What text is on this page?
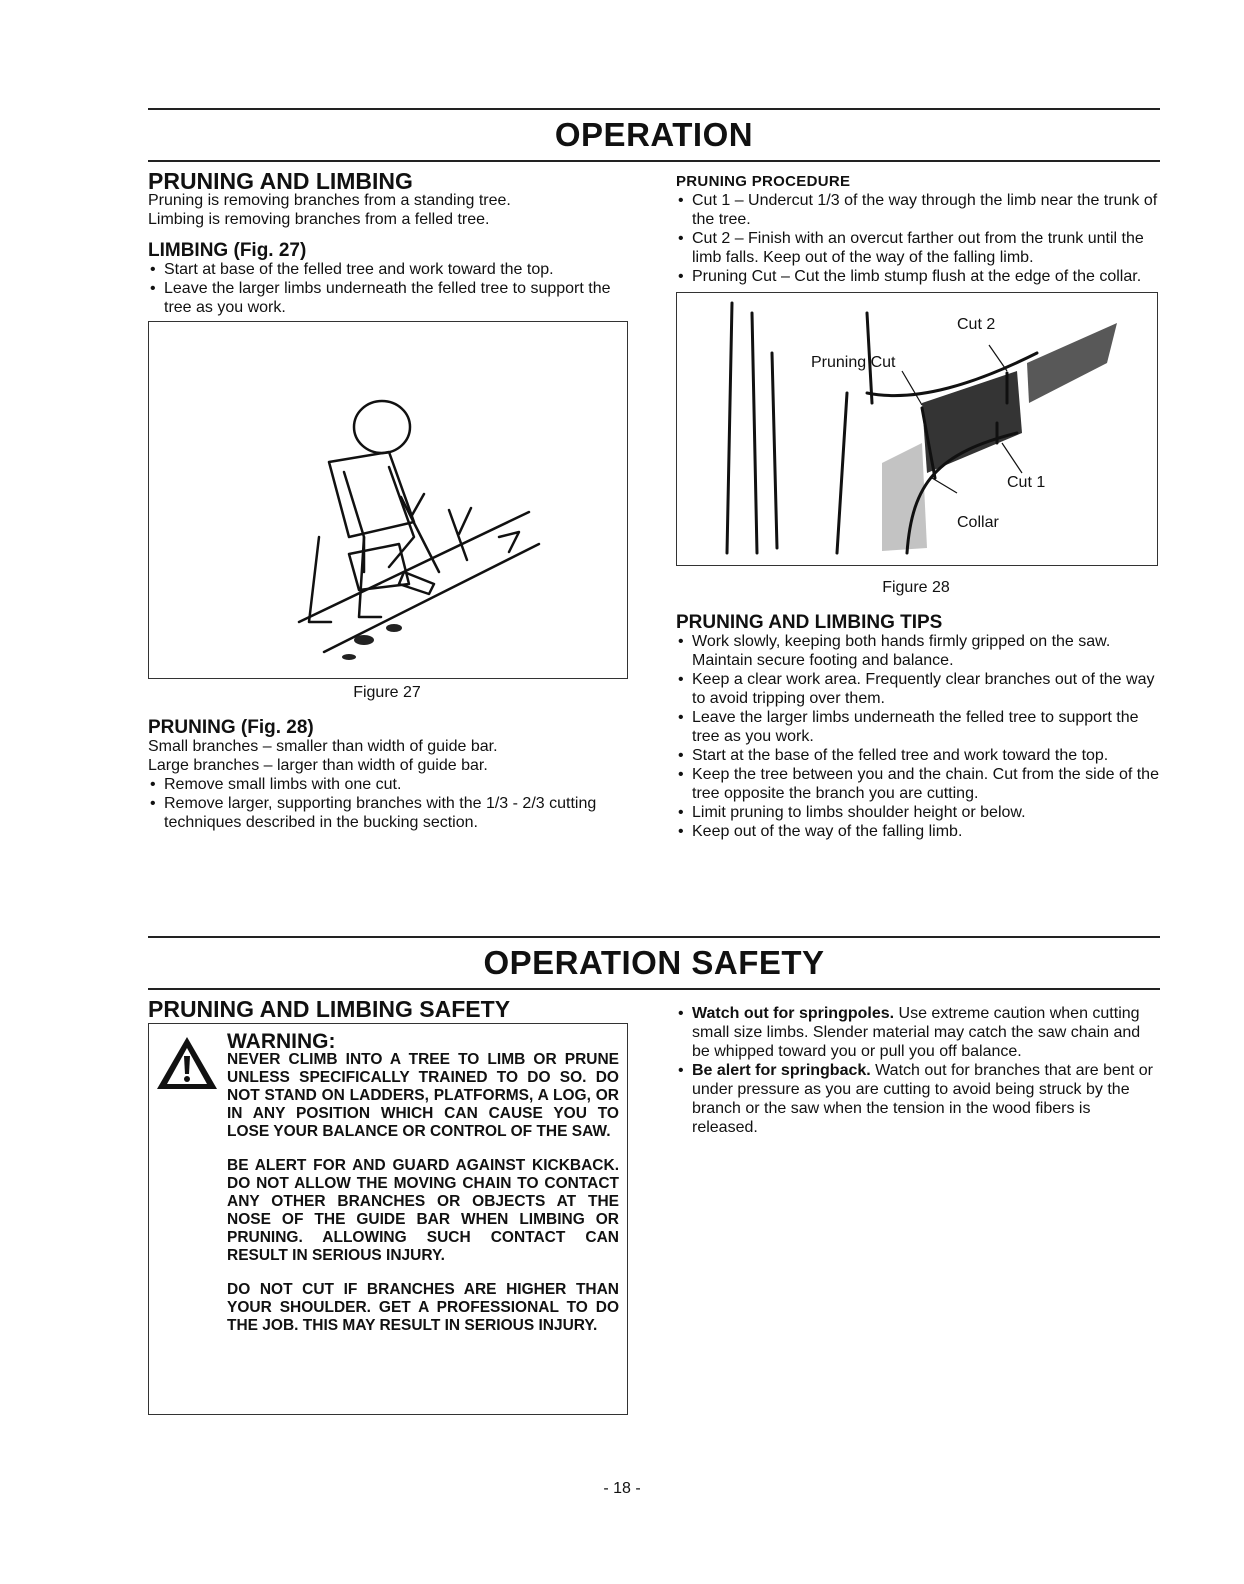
OPERATION
PRUNING AND LIMBING

Pruning is removing branches from a standing tree.

Limbing is removing branches from a felled tree.

LIMBING (Fig. 27)
• Start at base of the felled tree and work toward the top.
• Leave the larger limbs underneath the felled tree to support the tree as you work.
Figure 27
PRUNING (Fig. 28)

Small branches – smaller than width of guide bar.

Large branches – larger than width of guide bar.

• Remove small limbs with one cut.
• Remove larger, supporting branches with the 1/3 - 2/3 cutting techniques described in the bucking section.
PRUNING PROCEDURE
• Cut 1 – Undercut 1/3 of the way through the limb near the trunk of the tree.
• Cut 2 – Finish with an overcut farther out from the trunk until the limb falls. Keep out of the way of the falling limb.
• Pruning Cut – Cut the limb stump flush at the edge of the collar.
Cut 2
Pruning Cut
Cut 1
Collar
Figure 28
PRUNING AND LIMBING TIPS
• Work slowly, keeping both hands firmly gripped on the saw. Maintain secure footing and balance.
• Keep a clear work area. Frequently clear branches out of the way to avoid tripping over them.
• Leave the larger limbs underneath the felled tree to support the tree as you work.
• Start at the base of the felled tree and work toward the top.
• Keep the tree between you and the chain. Cut from the side of the tree opposite the branch you are cutting.
• Limit pruning to limbs shoulder height or below.
• Keep out of the way of the falling limb.
OPERATION SAFETY
PRUNING AND LIMBING SAFETY
WARNING:

NEVER CLIMB INTO A TREE TO LIMB OR PRUNE UNLESS SPECIFICALLY TRAINED TO DO SO. DO NOT STAND ON LADDERS, PLATFORMS, A LOG, OR IN ANY POSITION WHICH CAN CAUSE YOU TO LOSE YOUR BALANCE OR CONTROL OF THE SAW.

BE ALERT FOR AND GUARD AGAINST KICKBACK. DO NOT ALLOW THE MOVING CHAIN TO CONTACT ANY OTHER BRANCHES OR OBJECTS AT THE NOSE OF THE GUIDE BAR WHEN LIMBING OR PRUNING. ALLOWING SUCH CONTACT CAN RESULT IN SERIOUS INJURY.

DO NOT CUT IF BRANCHES ARE HIGHER THAN YOUR SHOULDER. GET A PROFESSIONAL TO DO THE JOB. THIS MAY RESULT IN SERIOUS INJURY.

• Watch out for springpoles. Use extreme caution when cutting small size limbs. Slender material may catch the saw chain and be whipped toward you or pull you off balance.
• Be alert for springback. Watch out for branches that are bent or under pressure as you are cutting to avoid being struck by the branch or the saw when the tension in the wood fibers is released.
- 18 -
